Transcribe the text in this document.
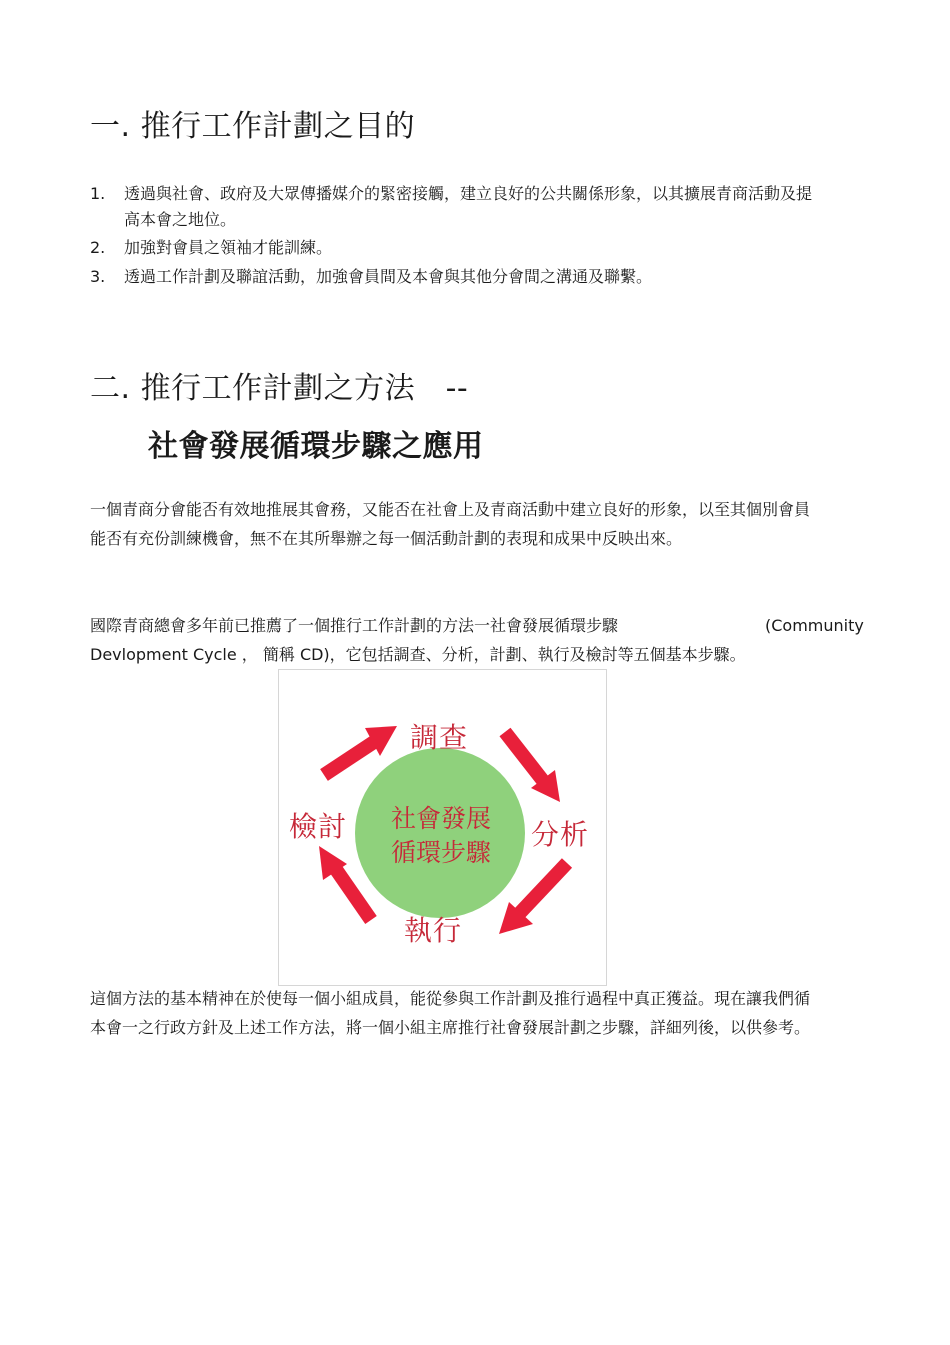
一. 推行工作計劃之目的
1. 透過與社會、政府及大眾傳播媒介的緊密接觸，建立良好的公共關係形象，以其擴展青商活動及提高本會之地位。
2. 加強對會員之領袖才能訓練。
3. 透過工作計劃及聯誼活動，加強會員間及本會與其他分會間之溝通及聯繫。
二. 推行工作計劃之方法　--
社會發展循環步驟之應用

一個青商分會能否有效地推展其會務，又能否在社會上及青商活動中建立良好的形象，以至其個別會員能否有充份訓練機會，無不在其所舉辦之每一個活動計劃的表現和成果中反映出來。

國際青商總會多年前已推薦了一個推行工作計劃的方法一社會發展循環步驟	(Community
Devlopment Cycle ， 簡稱 CD)，它包括調查、分析，計劃、執行及檢討等五個基本步驟。
調查
分析
執行
檢討	社會發展
循環步驟

這個方法的基本精神在於使每一個小組成員，能從參與工作計劃及推行過程中真正獲益。現在讓我們循本會一之行政方針及上述工作方法，將一個小組主席推行社會發展計劃之步驟，詳細列後，以供參考。
